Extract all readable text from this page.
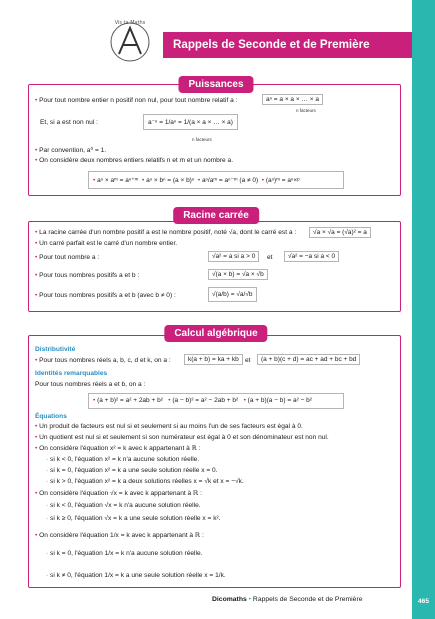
465
Vis ta Maths
Rappels de Seconde et de Première
Puissances
• Pour tout nombre entier n positif non nul, pour tout nombre relatif a :	aⁿ = a × a × … × a
n facteurs
Et, si a est non nul :	a⁻ⁿ = 1/aⁿ = 1/(a × a × … × a)
n facteurs
• Par convention, a⁰ = 1.
• On considère deux nombres entiers relatifs n et m et un nombre a.
• aⁿ × aᵐ = aⁿ⁺ᵐ • aⁿ × bⁿ = (a × b)ⁿ • aⁿ/aᵐ = aⁿ⁻ᵐ (a ≠ 0) • (aⁿ)ᵐ = aⁿ×ᵖ
Racine carrée
• La racine carrée d'un nombre positif a est le nombre positif, noté √a, dont le carré est a :	√a × √a = (√a)² = a
• Un carré parfait est le carré d'un nombre entier.
• Pour tout nombre a :	√a² = a si a > 0	et	√a² = −a si a < 0
• Pour tous nombres positifs a et b :	√(a × b) = √a × √b
• Pour tous nombres positifs a et b (avec b ≠ 0) :	√(a/b) = √a/√b
Calcul algébrique
Distributivité
• Pour tous nombres réels a, b, c, d et k, on a :	k(a + b) = ka + kb et	(a + b)(c + d) = ac + ad + bc + bd
Identités remarquables
Pour tous nombres réels a et b, on a :
• (a + b)² = a² + 2ab + b² • (a − b)² = a² − 2ab + b² • (a + b)(a − b) = a² − b²
Équations
• Un produit de facteurs est nul si et seulement si au moins l'un de ses facteurs est égal à 0.
• Un quotient est nul si et seulement si son numérateur est égal à 0 et son dénominateur est non nul.
• On considère l'équation x² = k avec k appartenant à ℝ :
· si k < 0, l'équation x² = k n'a aucune solution réelle.
· si k = 0, l'équation x² = k a une seule solution réelle x = 0.
· si k > 0, l'équation x² = k a deux solutions réelles x = √k et x = −√k.
• On considère l'équation √x = k avec k appartenant à ℝ :
· si k < 0, l'équation √x = k n'a aucune solution réelle.
· si k ≥ 0, l'équation √x = k a une seule solution réelle x = k².
• On considère l'équation 1/x = k avec k appartenant à ℝ :
· si k = 0, l'équation 1/x = k n'a aucune solution réelle.
· si k ≠ 0, l'équation 1/x = k a une seule solution réelle x = 1/k.
Dicomaths • Rappels de Seconde et de Première
